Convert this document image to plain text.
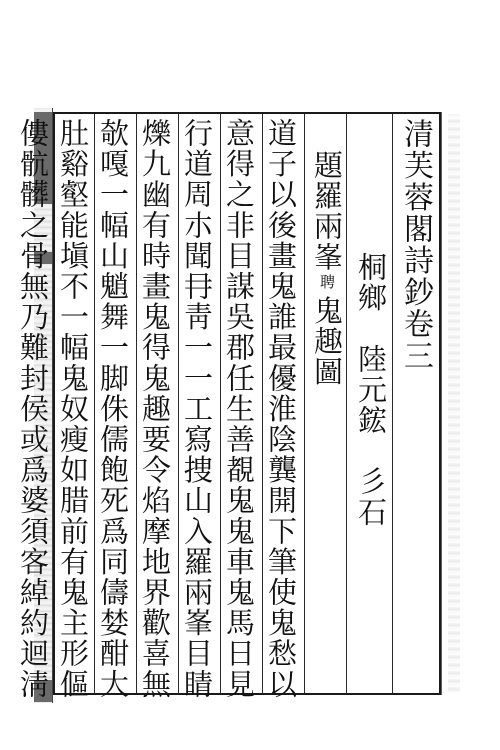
清芙蓉閣詩鈔卷三
桐鄉　陸元鋐　彡石
題羅兩峯聘鬼趣圖
道子以後畫鬼誰最優淮陰龔開下筆使鬼愁以
意得之非目謀吳郡任生善覩鬼鬼車鬼馬日見
行道周朩聞冄靑一一工寫捜山入羅兩峯目睛
爍九幽有時畫鬼得鬼趣要令焰摩地界歡喜無
欹嘎一幅山魈舞一脚侏儒飽死爲同儔婪酣大
肚谿壑能塡不一幅鬼奴瘦如腊前有鬼主形傴
僂骯髒之骨無乃難封侯或爲婆須客綽約迴淸
